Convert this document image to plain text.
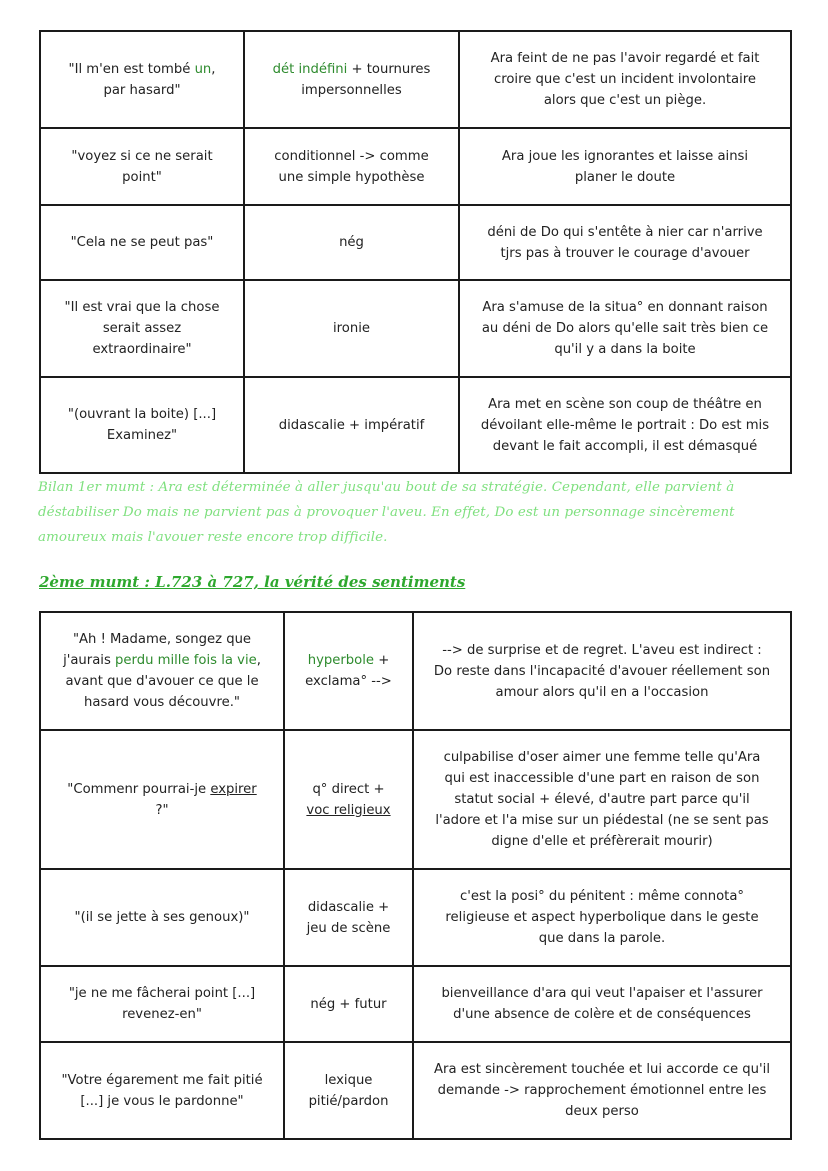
"Il m'en est tombé un,
par hasard"	dét indéfini + tournures
impersonnelles	Ara feint de ne pas l'avoir regardé et fait
croire que c'est un incident involontaire
alors que c'est un piège.
"voyez si ce ne serait
point"	conditionnel -> comme
une simple hypothèse	Ara joue les ignorantes et laisse ainsi
planer le doute
"Cela ne se peut pas"	nég	déni de Do qui s'entête à nier car n'arrive
tjrs pas à trouver le courage d'avouer
"Il est vrai que la chose
serait assez
extraordinaire"	ironie	Ara s'amuse de la situa° en donnant raison
au déni de Do alors qu'elle sait très bien ce
qu'il y a dans la boite
"(ouvrant la boite) [...]
Examinez"	didascalie + impératif	Ara met en scène son coup de théâtre en
dévoilant elle-même le portrait : Do est mis
devant le fait accompli, il est démasqué
Bilan 1er mumt : Ara est déterminée à aller jusqu'au bout de sa stratégie. Cependant, elle parvient à déstabiliser Do mais ne parvient pas à provoquer l'aveu. En effet, Do est un personnage sincèrement amoureux mais l'avouer reste encore trop difficile.
2ème mumt : L.723 à 727, la vérité des sentiments
"Ah ! Madame, songez que
j'aurais perdu mille fois la vie,
avant que d'avouer ce que le
hasard vous découvre."	hyperbole +
exclama° -->	--> de surprise et de regret. L'aveu est indirect :
Do reste dans l'incapacité d'avouer réellement son
amour alors qu'il en a l'occasion
"Commenr pourrai-je expirer
?"	q° direct +
voc religieux	culpabilise d'oser aimer une femme telle qu'Ara
qui est inaccessible d'une part en raison de son
statut social + élevé, d'autre part parce qu'il
l'adore et l'a mise sur un piédestal (ne se sent pas
digne d'elle et préfèrerait mourir)
"(il se jette à ses genoux)"	didascalie +
jeu de scène	c'est la posi° du pénitent : même connota°
religieuse et aspect hyperbolique dans le geste
que dans la parole.
"je ne me fâcherai point [...]
revenez-en"	nég + futur	bienveillance d'ara qui veut l'apaiser et l'assurer
d'une absence de colère et de conséquences
"Votre égarement me fait pitié
[...] je vous le pardonne"	lexique
pitié/pardon	Ara est sincèrement touchée et lui accorde ce qu'il
demande -> rapprochement émotionnel entre les
deux perso
